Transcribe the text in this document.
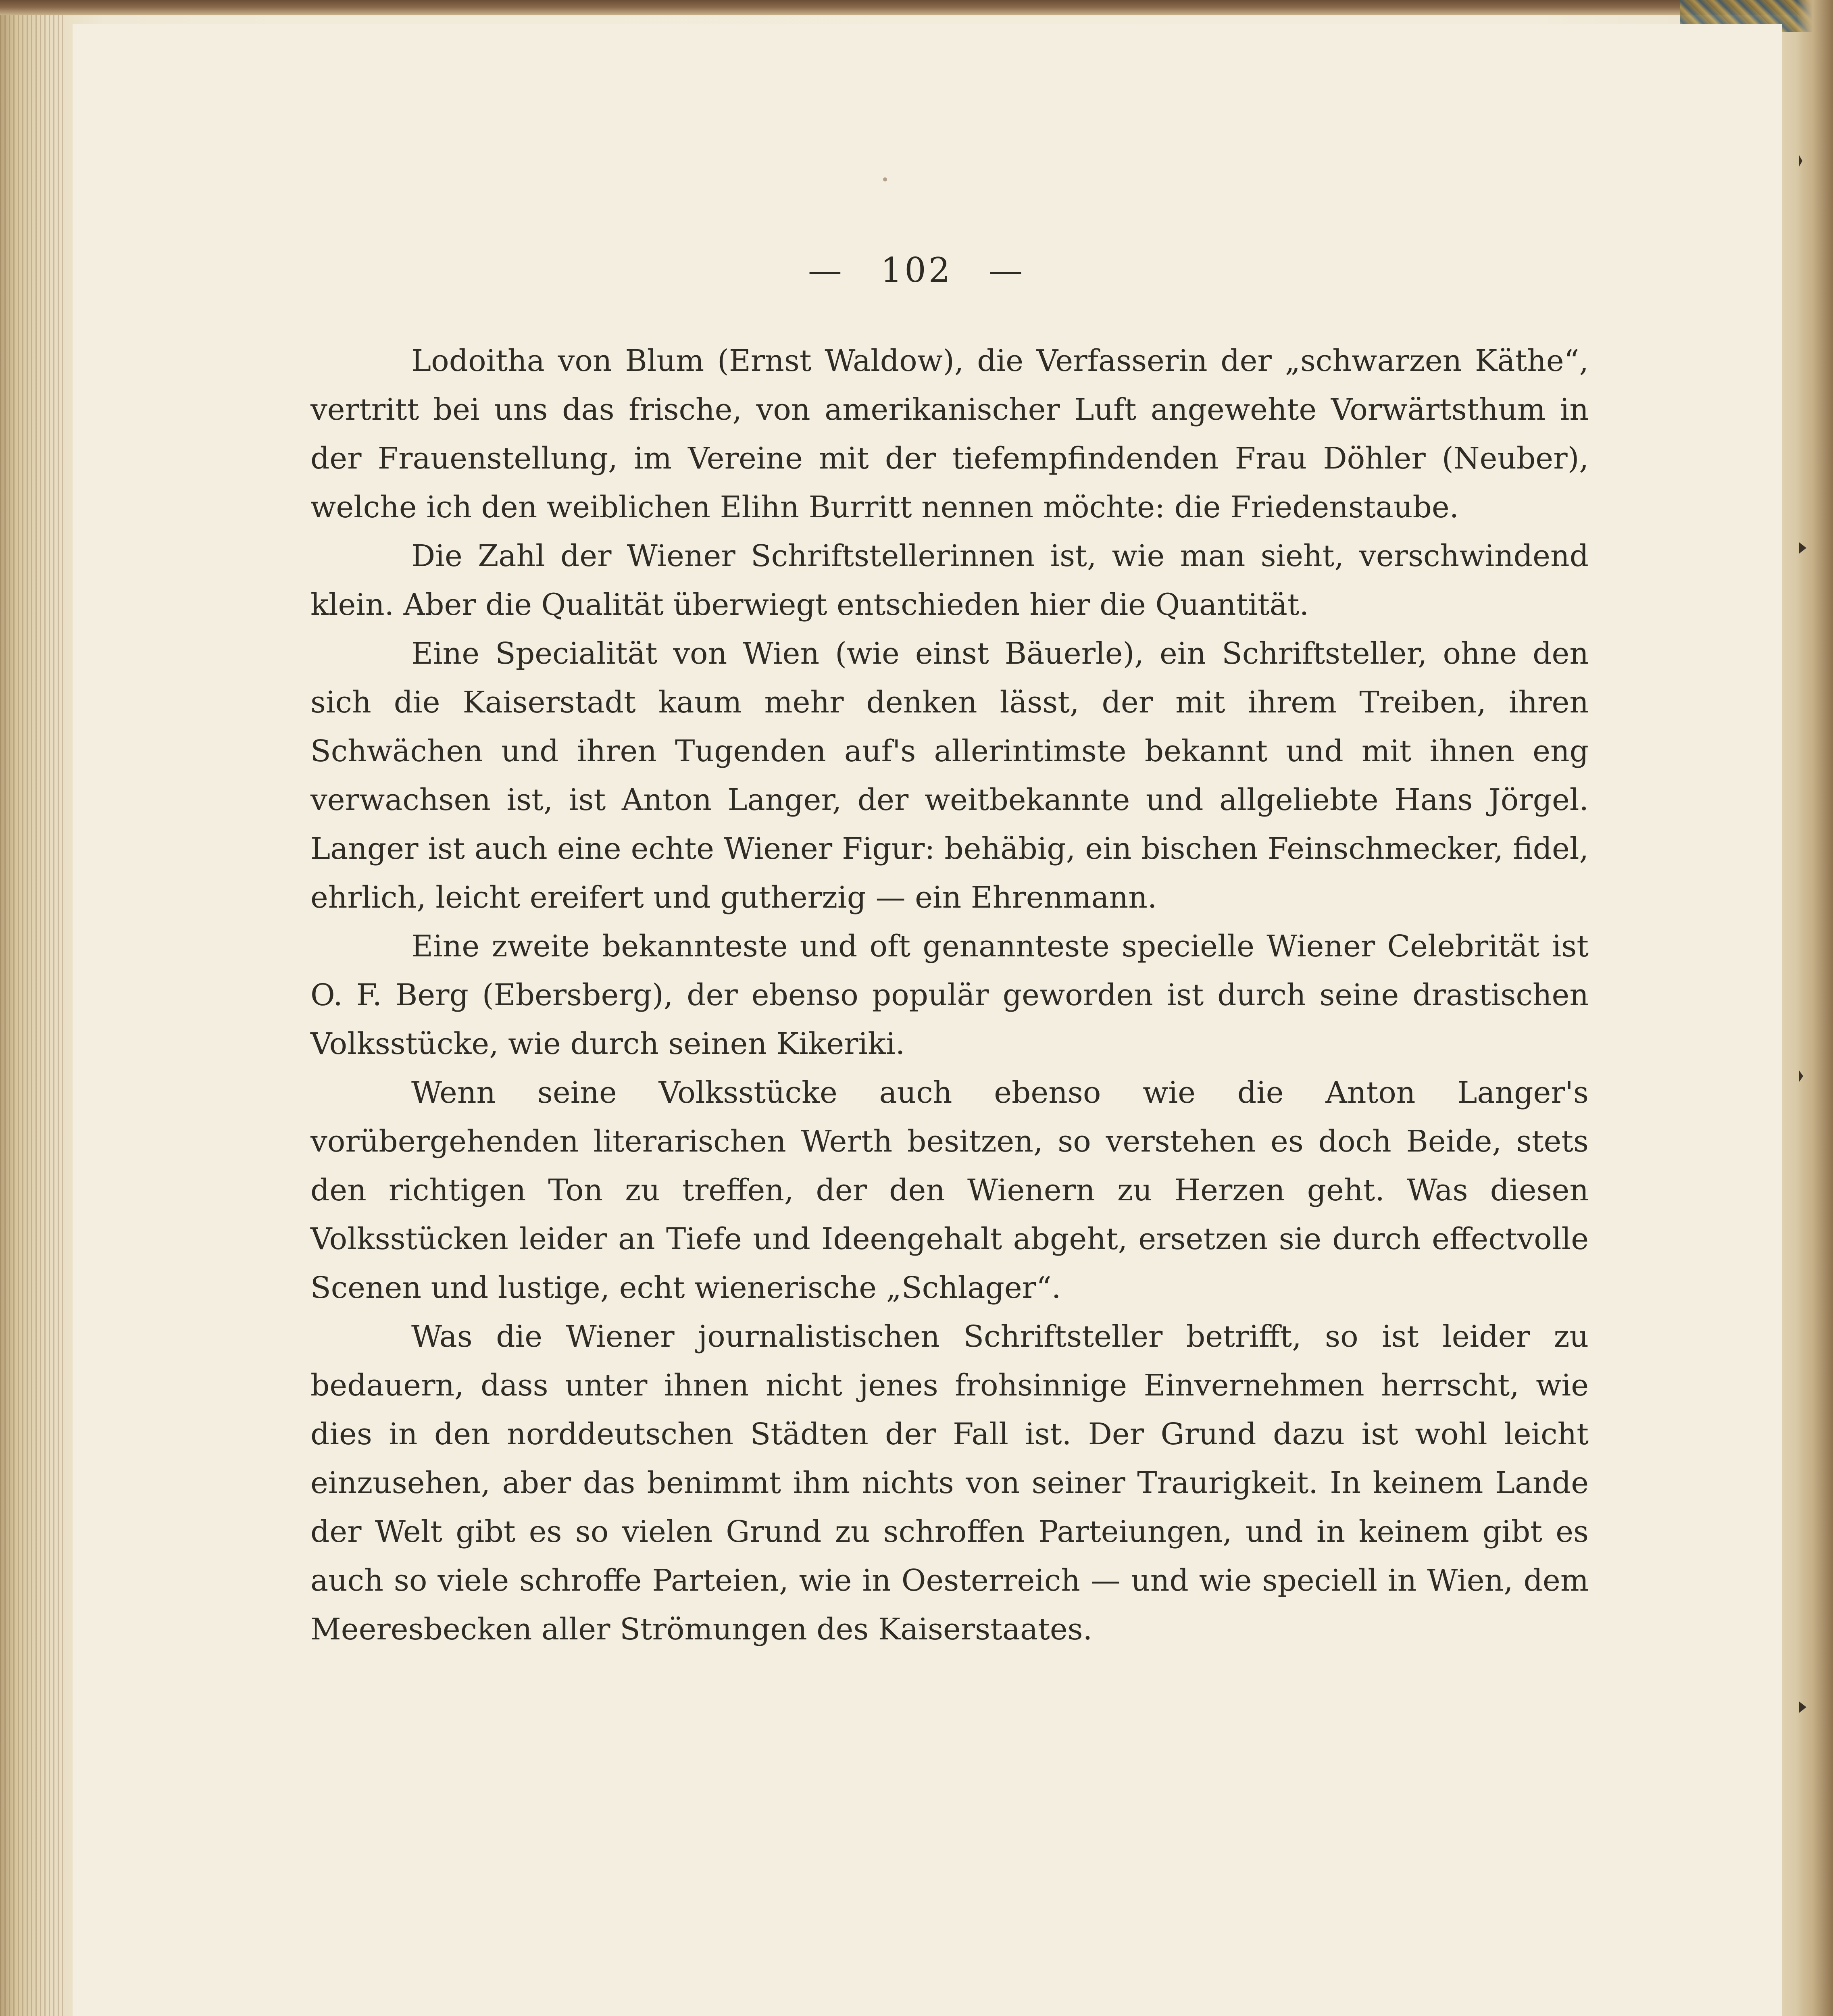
— 102 —

Lodoitha von Blum (Ernst Waldow), die Verfasserin der „schwarzen Käthe“, vertritt bei uns das frische, von amerikanischer Luft angewehte Vorwärtsthum in der Frauenstellung, im Vereine mit der tiefempfindenden Frau Döhler (Neuber), welche ich den weiblichen Elihn Burritt nennen möchte: die Friedenstaube.

Die Zahl der Wiener Schriftstellerinnen ist, wie man sieht, verschwindend klein. Aber die Qualität überwiegt entschieden hier die Quantität.

Eine Specialität von Wien (wie einst Bäuerle), ein Schriftsteller, ohne den sich die Kaiserstadt kaum mehr denken lässt, der mit ihrem Treiben, ihren Schwächen und ihren Tugenden auf's allerintimste bekannt und mit ihnen eng verwachsen ist, ist Anton Langer, der weitbekannte und allgeliebte Hans Jörgel. Langer ist auch eine echte Wiener Figur: behäbig, ein bischen Feinschmecker, fidel, ehrlich, leicht ereifert und gutherzig — ein Ehrenmann.

Eine zweite bekannteste und oft genannteste specielle Wiener Celebrität ist O. F. Berg (Ebersberg), der ebenso populär geworden ist durch seine drastischen Volksstücke, wie durch seinen Kikeriki.

Wenn seine Volksstücke auch ebenso wie die Anton Langer's vorübergehenden literarischen Werth besitzen, so verstehen es doch Beide, stets den richtigen Ton zu treffen, der den Wienern zu Herzen geht. Was diesen Volksstücken leider an Tiefe und Ideengehalt abgeht, ersetzen sie durch effectvolle Scenen und lustige, echt wienerische „Schlager“.

Was die Wiener journalistischen Schriftsteller betrifft, so ist leider zu bedauern, dass unter ihnen nicht jenes frohsinnige Einvernehmen herrscht, wie dies in den norddeutschen Städten der Fall ist. Der Grund dazu ist wohl leicht einzusehen, aber das benimmt ihm nichts von seiner Traurigkeit. In keinem Lande der Welt gibt es so vielen Grund zu schroffen Parteiungen, und in keinem gibt es auch so viele schroffe Parteien, wie in Oesterreich — und wie speciell in Wien, dem Meeresbecken aller Strömungen des Kaiserstaates.
